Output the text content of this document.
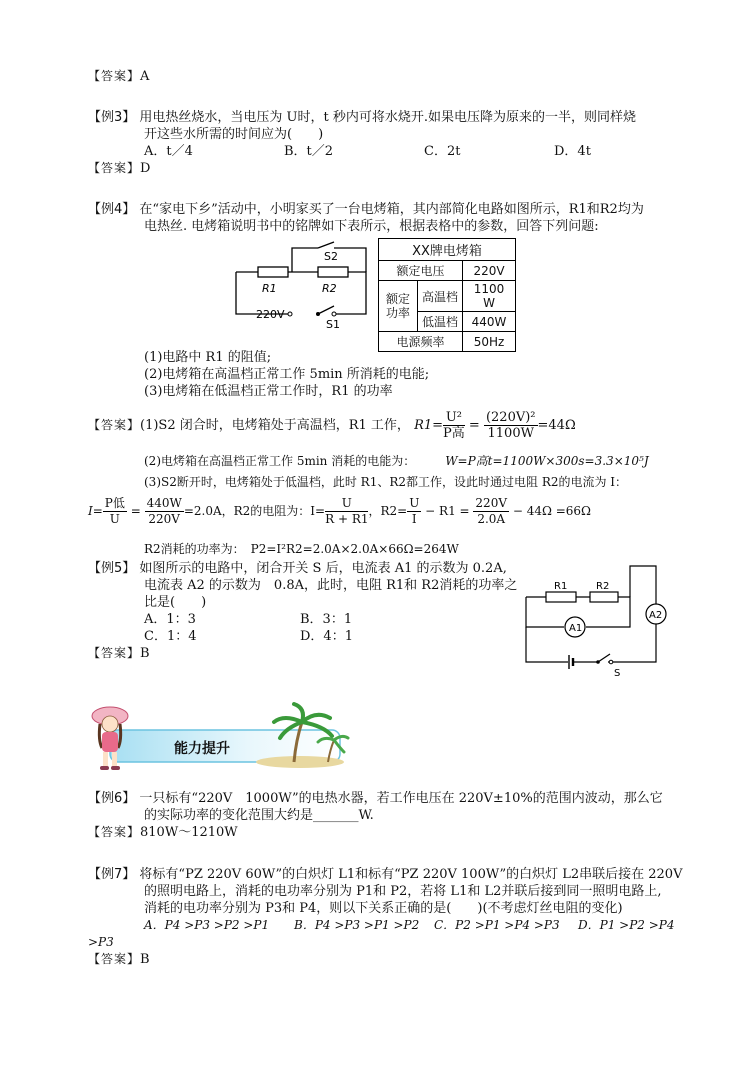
【答案】A
【例3】 用电热丝烧水，当电压为 U时，t 秒内可将水烧开.如果电压降为原来的一半，则同样烧
开这些水所需的时间应为(　　)
A．t／4	B．t／2	C．2t	D．4t
【答案】D
【例4】 在“家电下乡”活动中，小明家买了一台电烤箱，其内部简化电路如图所示，R1和R2均为
电热丝. 电烤箱说明书中的铭牌如下表所示，根据表格中的参数，回答下列问题:
S2
R1	R2
220V
S1
XX牌电烤箱		
额定电压		220V
额定功率	高温档	1100 W
	低温档	440W
电源频率		50Hz
(1)电路中 R1 的阻值;
(2)电烤箱在高温档正常工作 5min 所消耗的电能;
(3)电烤箱在低温档正常工作时，R1 的功率
【答案】(1)S2 闭合时，电烤箱处于高温档，R1 工作， $R1= \frac{\text{U²}}{\text{P高}} = \frac{\text{(220V)²}}{1100W} =44\Omega$
(2)电烤箱在高温档正常工作 5min 消耗的电能为：	W=P高t=1100W×300s=3.3×10⁵J
(3)S2断开时，电烤箱处于低温档，此时 R1、R2都工作，设此时通过电阻 R2的电流为 I：
$I= \frac{\text{P低}}{U} = \frac{440W}{220V} =2.0A$，R2的电阻为：$I= \frac{U}{R + R1}$ ，$R2= \frac{U}{I} - R1 = \frac{220V}{2.0A} - 44\Omega =66\Omega$
R2消耗的功率为：　P2=I²R2=2.0A×2.0A×66Ω=264W
【例5】 如图所示的电路中，闭合开关 S 后，电流表 A1 的示数为 0.2A,
电流表 A2 的示数为　0.8A，此时，电阻 R1和 R2消耗的功率之
比是(　　)
A．1：3	B．3：1
C．1：4	D．4：1
【答案】B
R1	R2
A1
A2
S
能力提升
【例6】 一只标有“220V　1000W”的电热水器，若工作电压在 220V±10%的范围内波动，那么它
的实际功率的变化范围大约是_______W.
【答案】810W～1210W
【例7】 将标有“PZ 220V 60W”的白炽灯 L1和标有“PZ 220V 100W”的白炽灯 L2串联后接在 220V
的照明电路上，消耗的电功率分别为 P1和 P2，若将 L1和 L2并联后接到同一照明电路上,
消耗的电功率分别为 P3和 P4，则以下关系正确的是(　　)(不考虑灯丝电阻的变化)
A．P4 >P3 >P2 >P1 B．P4 >P3 >P1 >P2 C．P2 >P1 >P4 >P3 D．P1 >P2 >P4
>P3
【答案】B
